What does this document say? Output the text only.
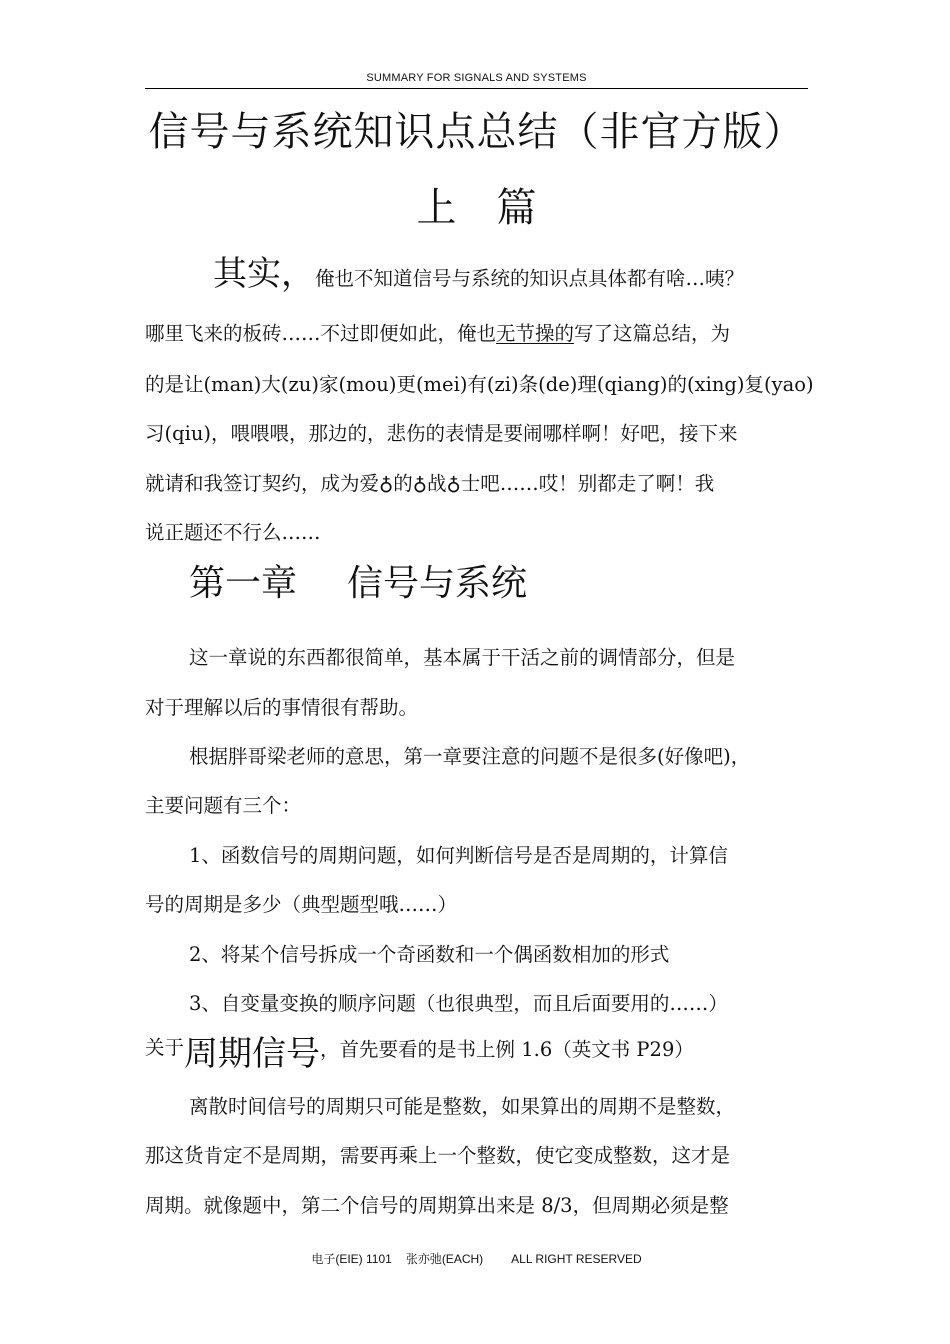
SUMMARY FOR SIGNALS AND SYSTEMS
信号与系统知识点总结（非官方版）
上篇
其实，俺也不知道信号与系统的知识点具体都有啥…咦？
哪里飞来的板砖……不过即便如此，俺也无节操的写了这篇总结，为
的是让(man)大(zu)家(mou)更(mei)有(zi)条(de)理(qiang)的(xing)复(yao)
习(qiu)，喂喂喂，那边的，悲伤的表情是要闹哪样啊！好吧，接下来
就请和我签订契约，成为爱♁的♁战♁士吧……哎！别都走了啊！我
说正题还不行么……
第一章 信号与系统
这一章说的东西都很简单，基本属于干活之前的调情部分，但是
对于理解以后的事情很有帮助。
根据胖哥梁老师的意思，第一章要注意的问题不是很多(好像吧)，
主要问题有三个：
1、函数信号的周期问题，如何判断信号是否是周期的，计算信
号的周期是多少（典型题型哦……）
2、将某个信号拆成一个奇函数和一个偶函数相加的形式
3、自变量变换的顺序问题（也很典型，而且后面要用的……）
关于周期信号，首先要看的是书上例 1.6（英文书 P29）
离散时间信号的周期只可能是整数，如果算出的周期不是整数，
那这货肯定不是周期，需要再乘上一个整数，使它变成整数，这才是
周期。就像题中，第二个信号的周期算出来是 8/3，但周期必须是整
电子(EIE) 1101 张亦弛(EACH) ALL RIGHT RESERVED
